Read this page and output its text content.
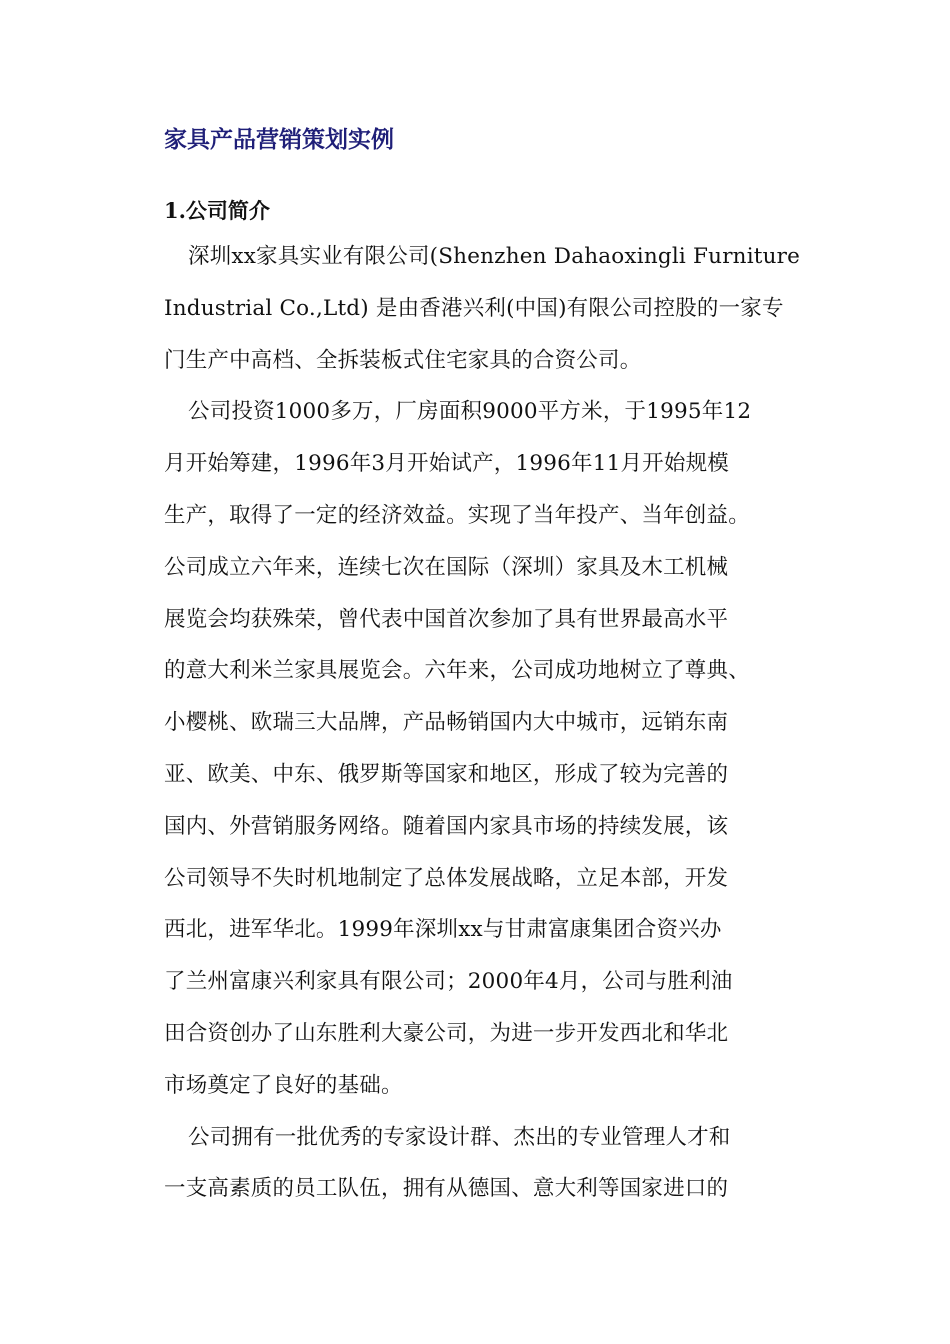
家具产品营销策划实例
1.公司简介
深圳xx家具实业有限公司(Shenzhen Dahaoxingli Furniture
Industrial Co.,Ltd) 是由香港兴利(中国)有限公司控股的一家专
门生产中高档、全拆装板式住宅家具的合资公司。
公司投资1000多万，厂房面积9000平方米，于1995年12
月开始筹建，1996年3月开始试产，1996年11月开始规模
生产，取得了一定的经济效益。实现了当年投产、当年创益。
公司成立六年来，连续七次在国际（深圳）家具及木工机械
展览会均获殊荣，曾代表中国首次参加了具有世界最高水平
的意大利米兰家具展览会。六年来，公司成功地树立了尊典、
小樱桃、欧瑞三大品牌，产品畅销国内大中城市，远销东南
亚、欧美、中东、俄罗斯等国家和地区，形成了较为完善的
国内、外营销服务网络。随着国内家具市场的持续发展，该
公司领导不失时机地制定了总体发展战略，立足本部，开发
西北，进军华北。1999年深圳xx与甘肃富康集团合资兴办
了兰州富康兴利家具有限公司；2000年4月，公司与胜利油
田合资创办了山东胜利大豪公司，为进一步开发西北和华北
市场奠定了良好的基础。
公司拥有一批优秀的专家设计群、杰出的专业管理人才和
一支高素质的员工队伍，拥有从德国、意大利等国家进口的
